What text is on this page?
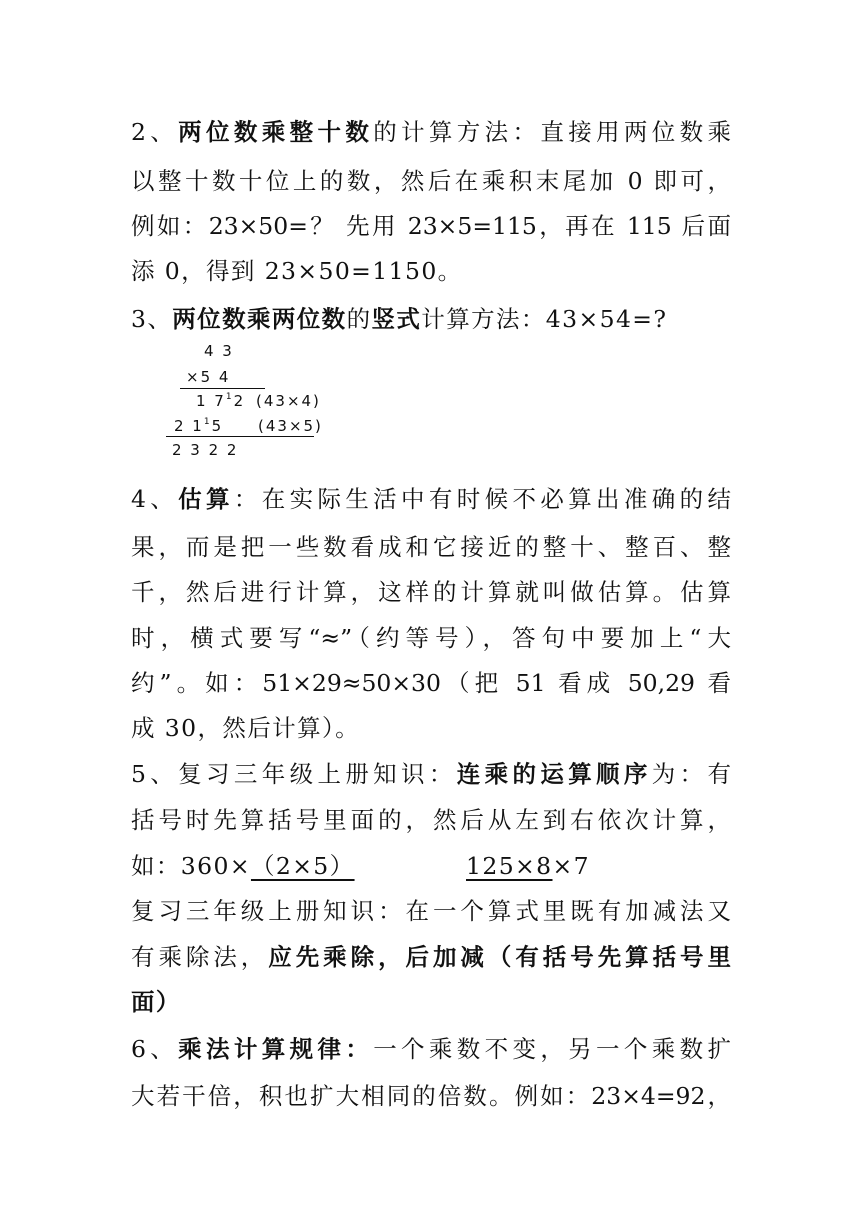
2、两位数乘整十数的计算方法：直接用两位数乘
以整十数十位上的数，然后在乘积末尾加 0 即可，
例如：23×50=？ 先用 23×5=115，再在 115 后面
添 0，得到 23×50=1150。
3、两位数乘两位数的竖式计算方法：43×54=?
4 3
×5 4
1 $7^12$ (43×4)
2 $1^15$ (43×5)
2 3 2 2
4、估算：在实际生活中有时候不必算出准确的结
果，而是把一些数看成和它接近的整十、整百、整
千，然后进行计算，这样的计算就叫做估算。估算
时，横式要写“≈”（约等号），答句中要加上“大
约”。如：51×29≈50×30（把 51 看成 50,29 看
成 30，然后计算）。
5、复习三年级上册知识：连乘的运算顺序为：有
括号时先算括号里面的，然后从左到右依次计算，
如：360×（2×5）	125×8×7
复习三年级上册知识：在一个算式里既有加减法又
有乘除法，应先乘除，后加减（有括号先算括号里
面）
6、乘法计算规律：一个乘数不变，另一个乘数扩
大若干倍，积也扩大相同的倍数。例如：23×4=92，
